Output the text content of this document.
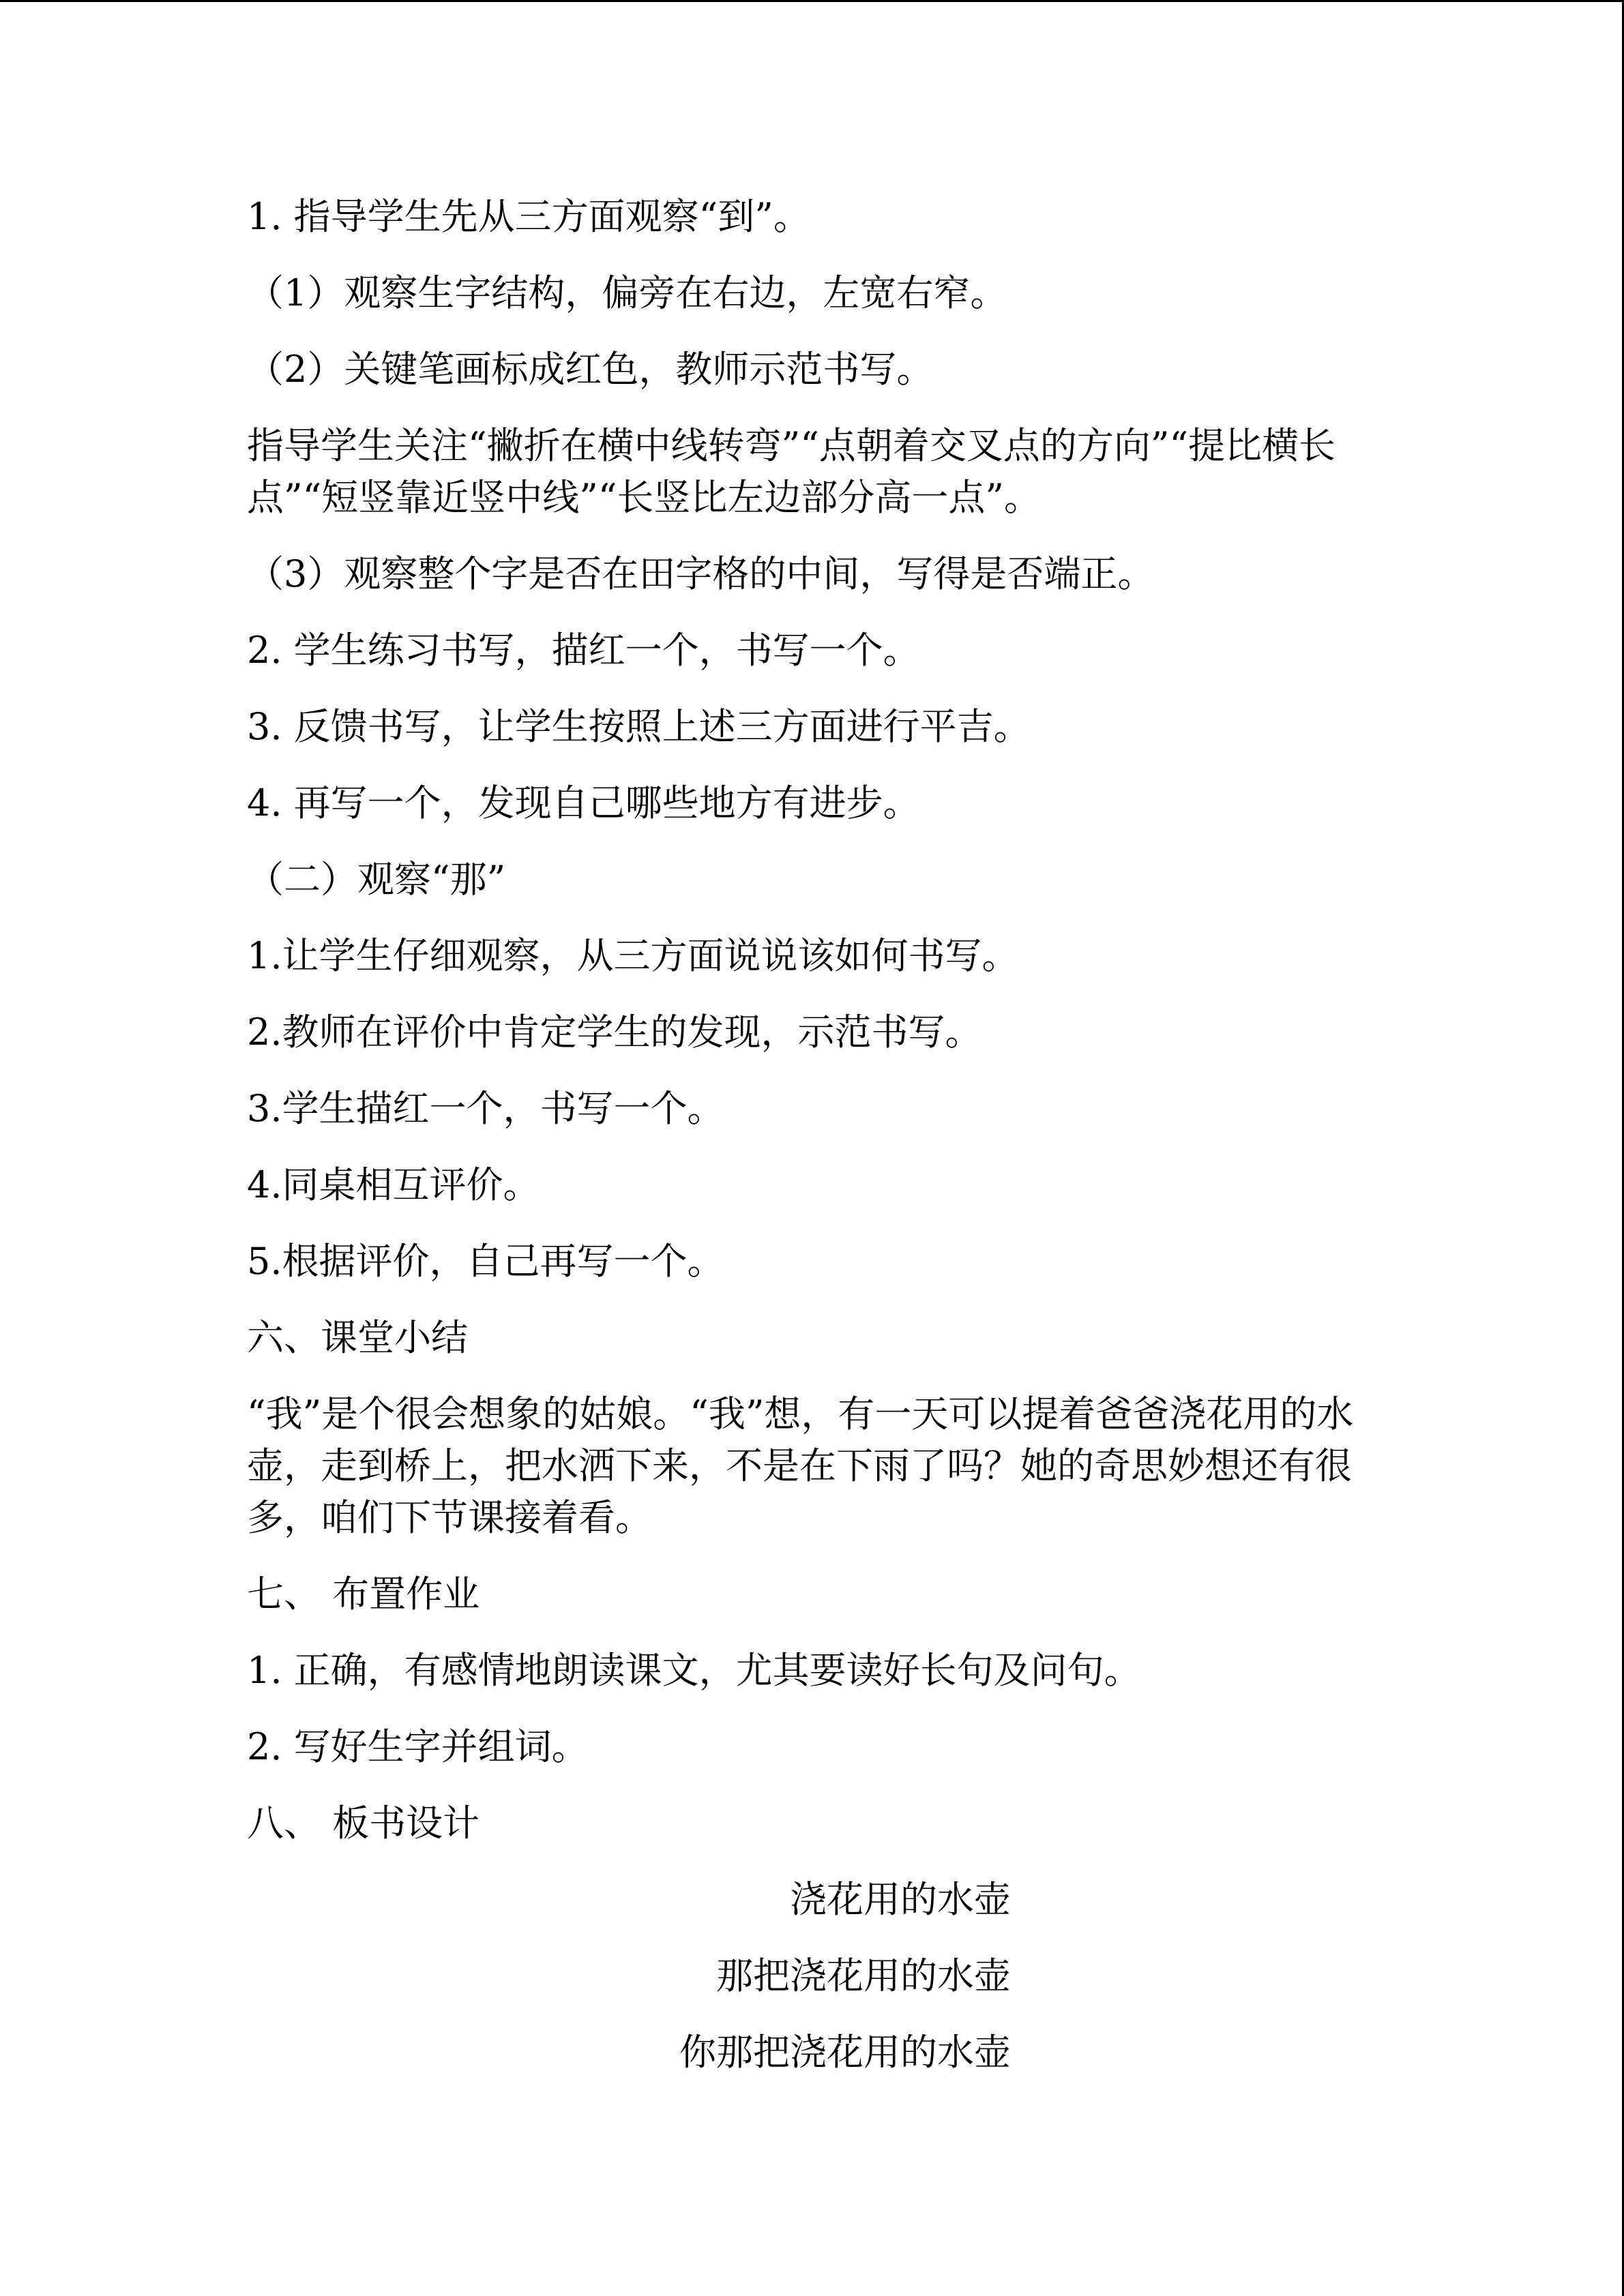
1. 指导学生先从三方面观察“到”。

（1）观察生字结构，偏旁在右边，左宽右窄。

（2）关键笔画标成红色，教师示范书写。

指导学生关注“撇折在横中线转弯”“点朝着交叉点的方向”“提比横长点”“短竖靠近竖中线”“长竖比左边部分高一点”。

（3）观察整个字是否在田字格的中间，写得是否端正。

2. 学生练习书写，描红一个，书写一个。

3. 反馈书写，让学生按照上述三方面进行平吉。

4. 再写一个，发现自己哪些地方有进步。

（二）观察“那”

1.让学生仔细观察，从三方面说说该如何书写。

2.教师在评价中肯定学生的发现，示范书写。

3.学生描红一个，书写一个。

4.同桌相互评价。

5.根据评价，自己再写一个。

六、课堂小结

“我”是个很会想象的姑娘。“我”想，有一天可以提着爸爸浇花用的水壶，走到桥上，把水洒下来，不是在下雨了吗？她的奇思妙想还有很多，咱们下节课接着看。

七、 布置作业

1. 正确，有感情地朗读课文，尤其要读好长句及问句。

2. 写好生字并组词。

八、 板书设计

浇花用的水壶
那把浇花用的水壶
你那把浇花用的水壶
